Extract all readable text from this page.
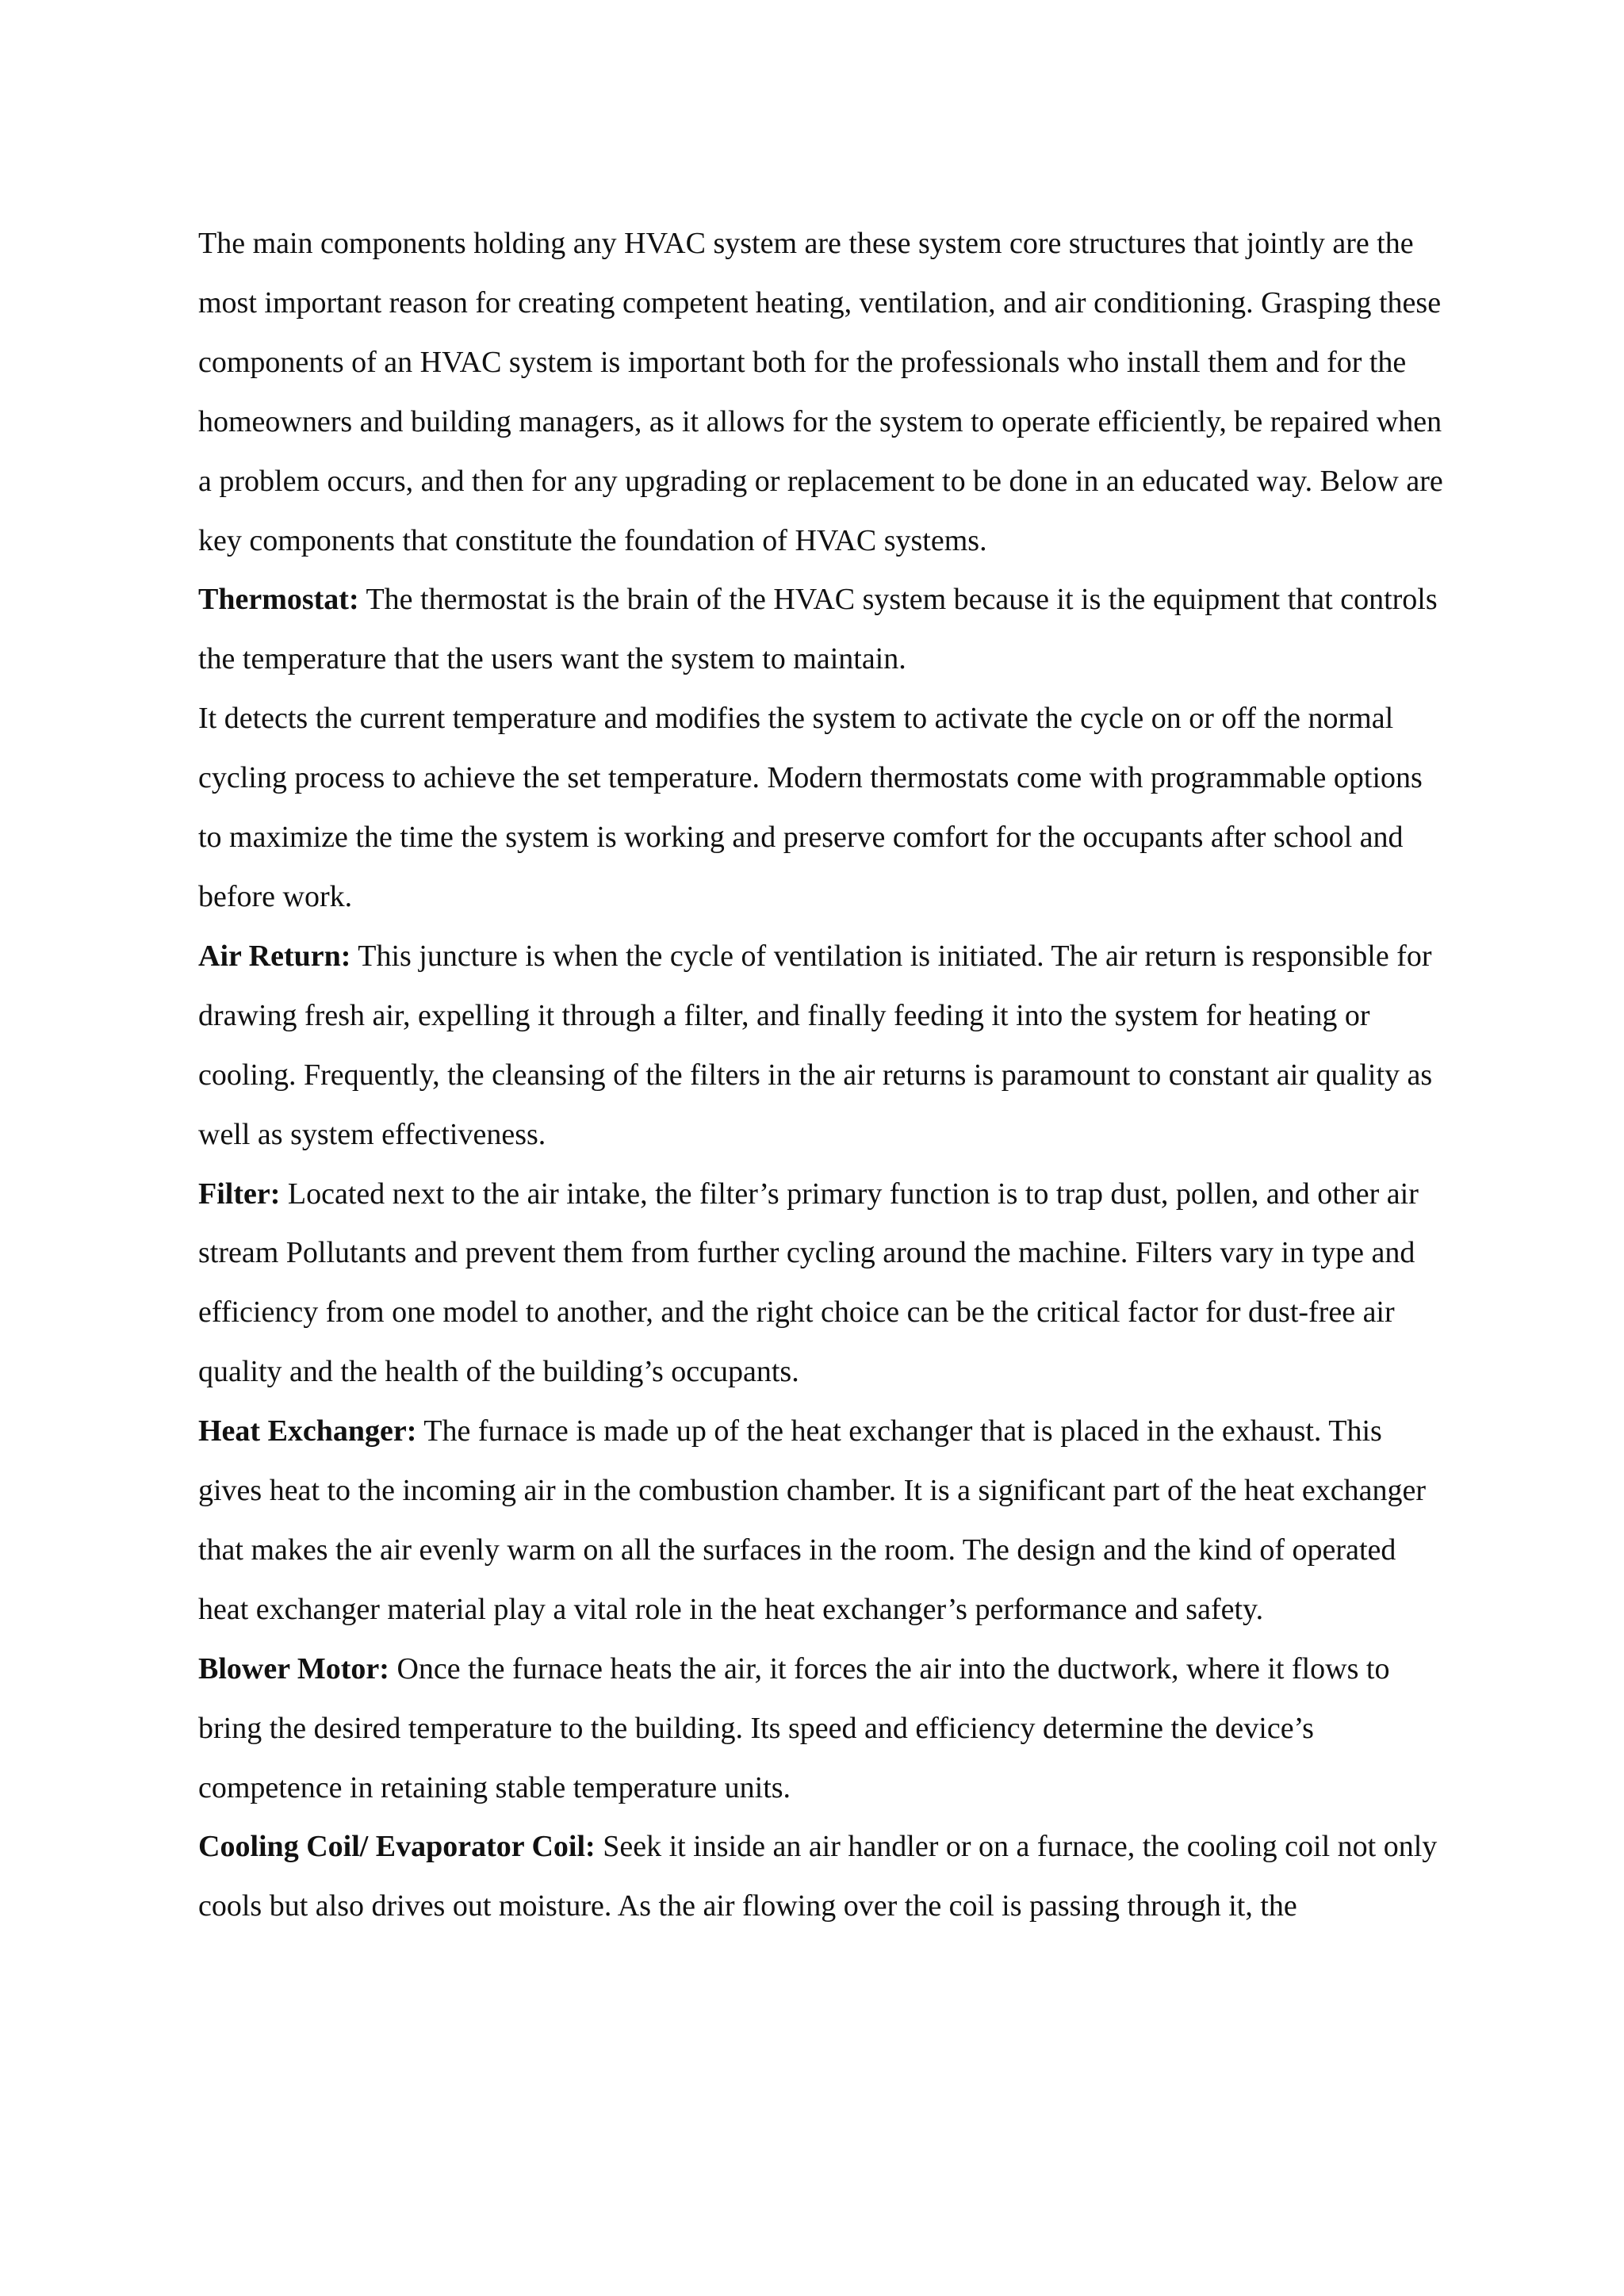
The main components holding any HVAC system are these system core structures that jointly are the most important reason for creating competent heating, ventilation, and air conditioning. Grasping these components of an HVAC system is important both for the professionals who install them and for the homeowners and building managers, as it allows for the system to operate efficiently, be repaired when a problem occurs, and then for any upgrading or replacement to be done in an educated way. Below are key components that constitute the foundation of HVAC systems.

Thermostat: The thermostat is the brain of the HVAC system because it is the equipment that controls the temperature that the users want the system to maintain.

It detects the current temperature and modifies the system to activate the cycle on or off the normal cycling process to achieve the set temperature. Modern thermostats come with programmable options to maximize the time the system is working and preserve comfort for the occupants after school and before work.

Air Return: This juncture is when the cycle of ventilation is initiated. The air return is responsible for drawing fresh air, expelling it through a filter, and finally feeding it into the system for heating or cooling. Frequently, the cleansing of the filters in the air returns is paramount to constant air quality as well as system effectiveness.

Filter: Located next to the air intake, the filter’s primary function is to trap dust, pollen, and other air stream Pollutants and prevent them from further cycling around the machine. Filters vary in type and efficiency from one model to another, and the right choice can be the critical factor for dust-free air quality and the health of the building’s occupants.

Heat Exchanger: The furnace is made up of the heat exchanger that is placed in the exhaust. This gives heat to the incoming air in the combustion chamber. It is a significant part of the heat exchanger that makes the air evenly warm on all the surfaces in the room. The design and the kind of operated heat exchanger material play a vital role in the heat exchanger’s performance and safety.

Blower Motor: Once the furnace heats the air, it forces the air into the ductwork, where it flows to bring the desired temperature to the building. Its speed and efficiency determine the device’s competence in retaining stable temperature units.

Cooling Coil/ Evaporator Coil: Seek it inside an air handler or on a furnace, the cooling coil not only cools but also drives out moisture. As the air flowing over the coil is passing through it, the
